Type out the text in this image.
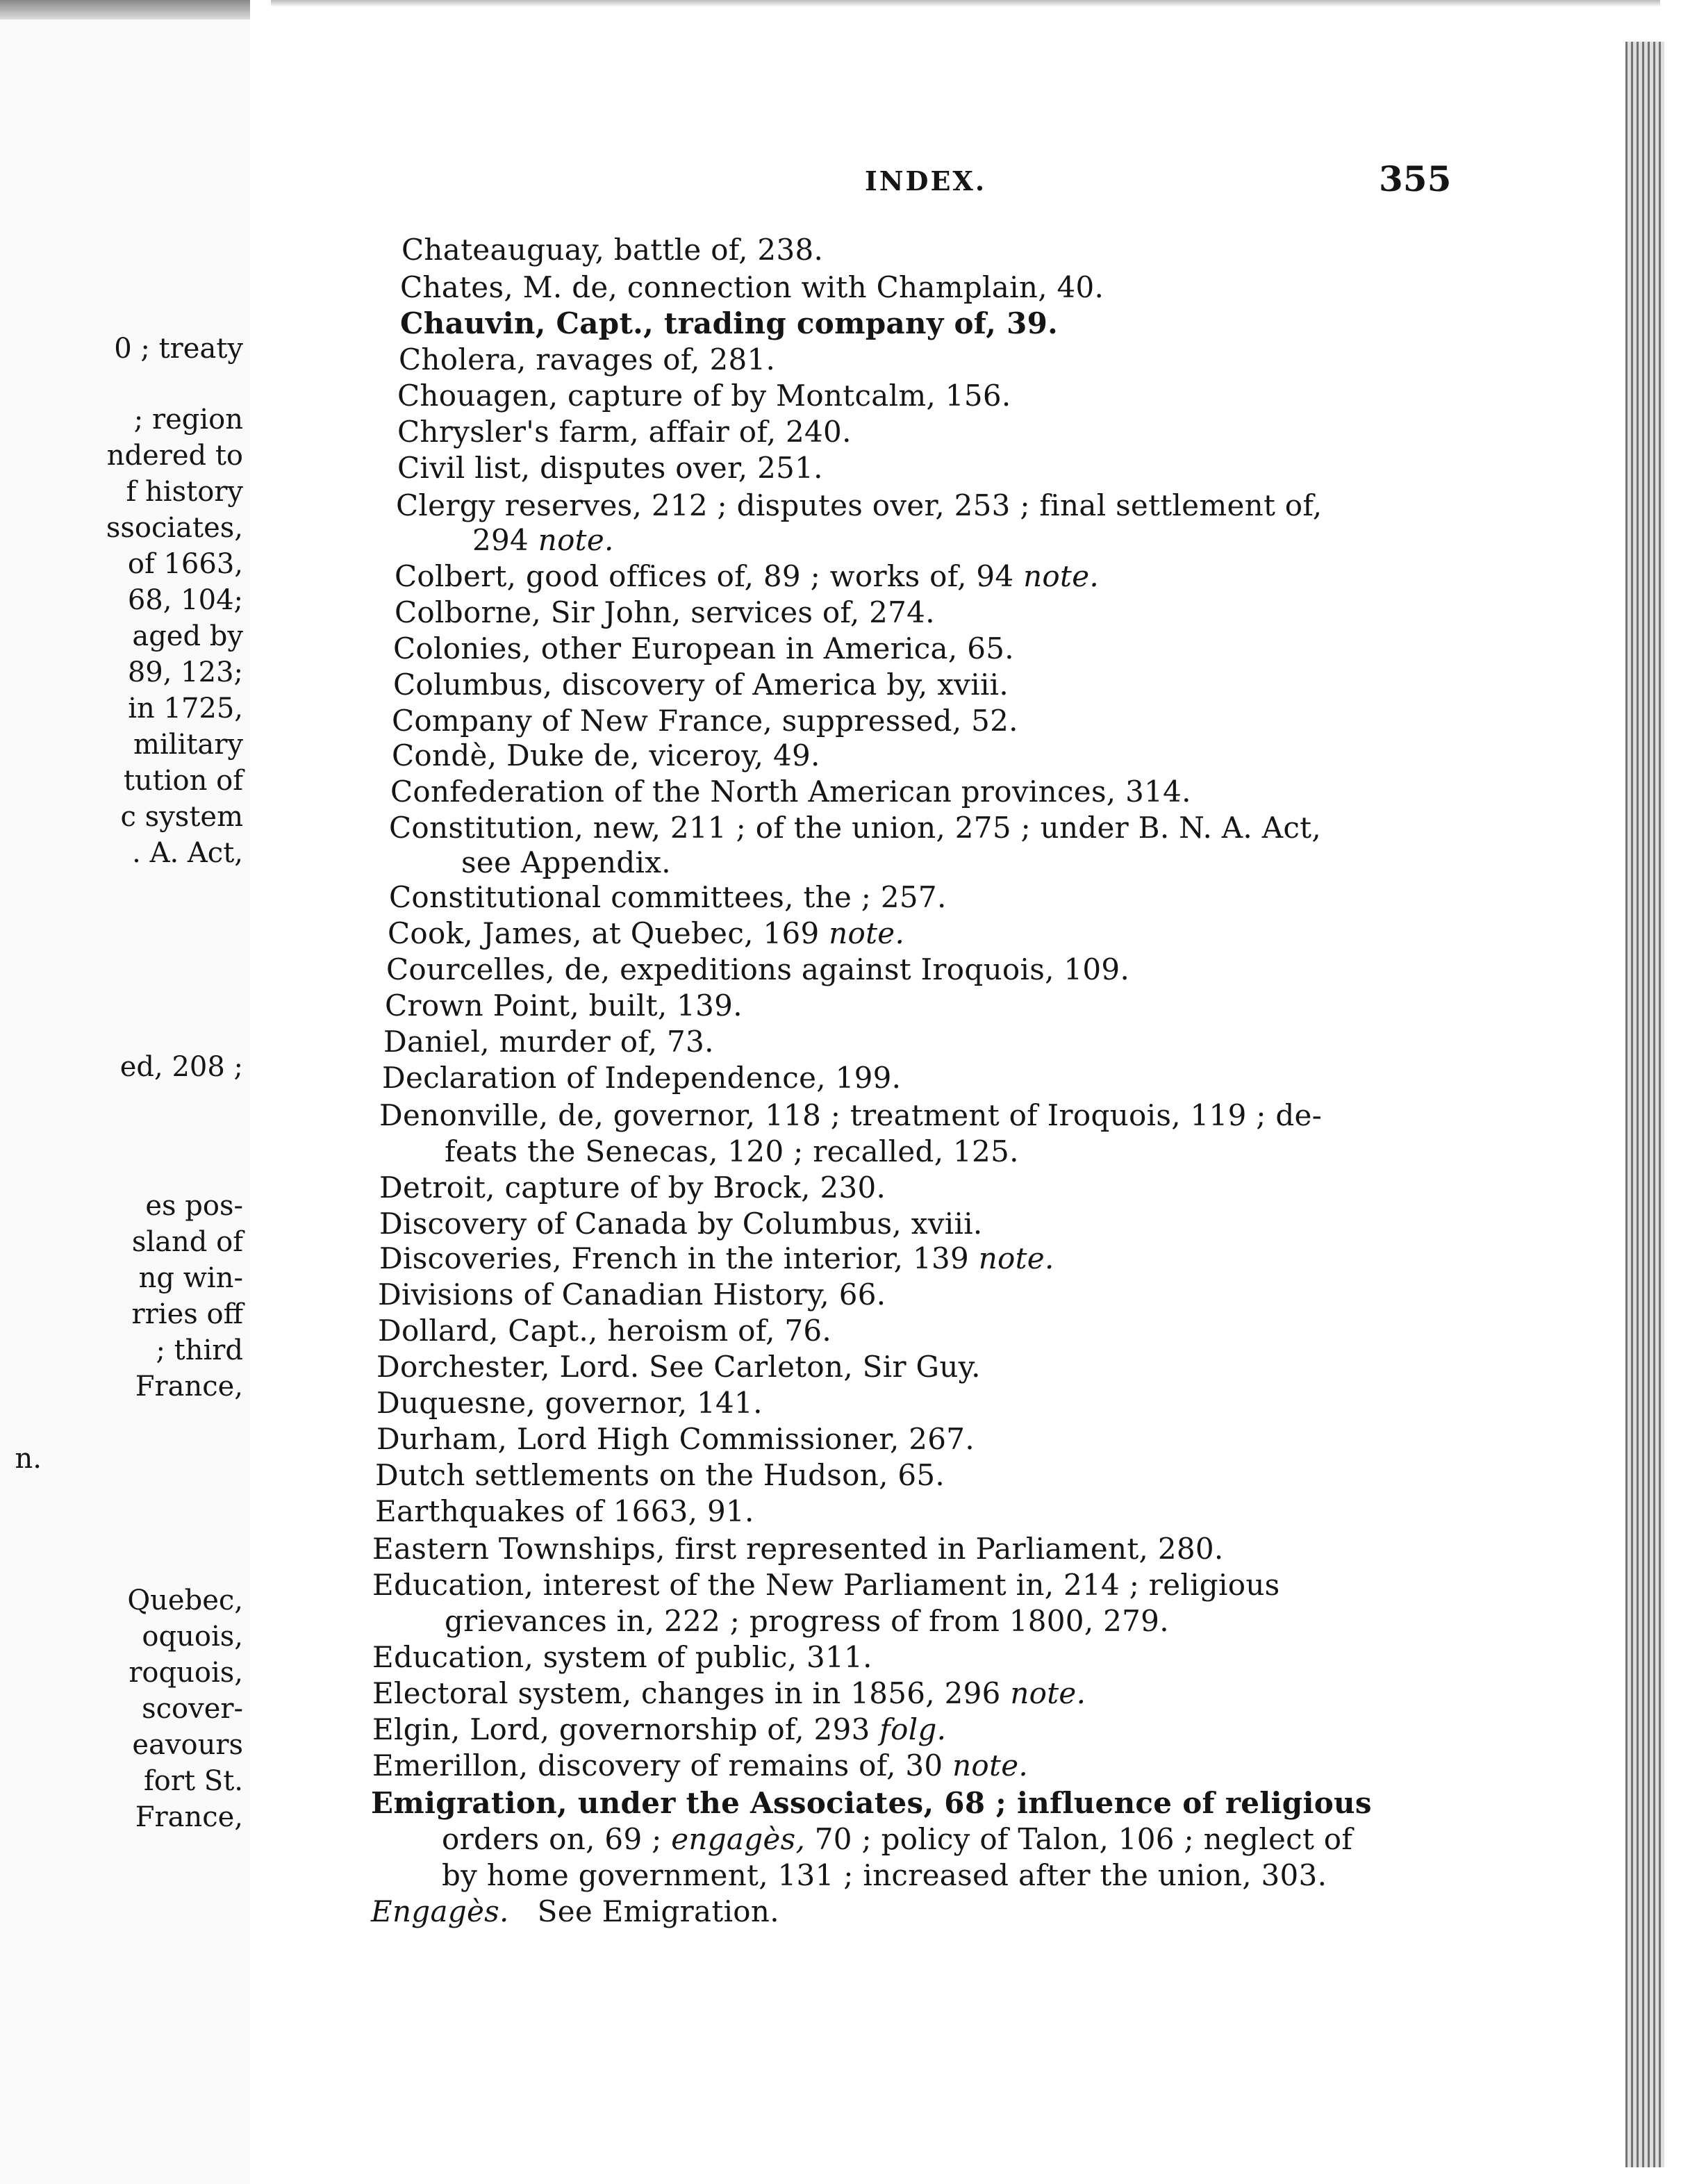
0 ; treaty
; region
ndered to
f history
ssociates,
of 1663,
68, 104;
aged by
89, 123;
in 1725,
military
tution of
c system
. A. Act,
ed, 208 ;
es pos-
sland of
ng win-
rries off
; third
France,
n.
Quebec,
oquois,
roquois,
scover-
eavours
fort St.
France,
INDEX.	355
Chateauguay, battle of, 238.
Chates, M. de, connection with Champlain, 40.
Chauvin, Capt., trading company of, 39.
Cholera, ravages of, 281.
Chouagen, capture of by Montcalm, 156.
Chrysler's farm, affair of, 240.
Civil list, disputes over, 251.
Clergy reserves, 212 ; disputes over, 253 ; final settlement of,
294 note.
Colbert, good offices of, 89 ; works of, 94 note.
Colborne, Sir John, services of, 274.
Colonies, other European in America, 65.
Columbus, discovery of America by, xviii.
Company of New France, suppressed, 52.
Condè, Duke de, viceroy, 49.
Confederation of the North American provinces, 314.
Constitution, new, 211 ; of the union, 275 ; under B. N. A. Act,
see Appendix.
Constitutional committees, the ; 257.
Cook, James, at Quebec, 169 note.
Courcelles, de, expeditions against Iroquois, 109.
Crown Point, built, 139.
Daniel, murder of, 73.
Declaration of Independence, 199.
Denonville, de, governor, 118 ; treatment of Iroquois, 119 ; de-
feats the Senecas, 120 ; recalled, 125.
Detroit, capture of by Brock, 230.
Discovery of Canada by Columbus, xviii.
Discoveries, French in the interior, 139 note.
Divisions of Canadian History, 66.
Dollard, Capt., heroism of, 76.
Dorchester, Lord. See Carleton, Sir Guy.
Duquesne, governor, 141.
Durham, Lord High Commissioner, 267.
Dutch settlements on the Hudson, 65.
Earthquakes of 1663, 91.
Eastern Townships, first represented in Parliament, 280.
Education, interest of the New Parliament in, 214 ; religious
grievances in, 222 ; progress of from 1800, 279.
Education, system of public, 311.
Electoral system, changes in in 1856, 296 note.
Elgin, Lord, governorship of, 293 folg.
Emerillon, discovery of remains of, 30 note.
Emigration, under the Associates, 68 ; influence of religious
orders on, 69 ; engagès, 70 ; policy of Talon, 106 ; neglect of
by home government, 131 ; increased after the union, 303.
Engagès. See Emigration.
